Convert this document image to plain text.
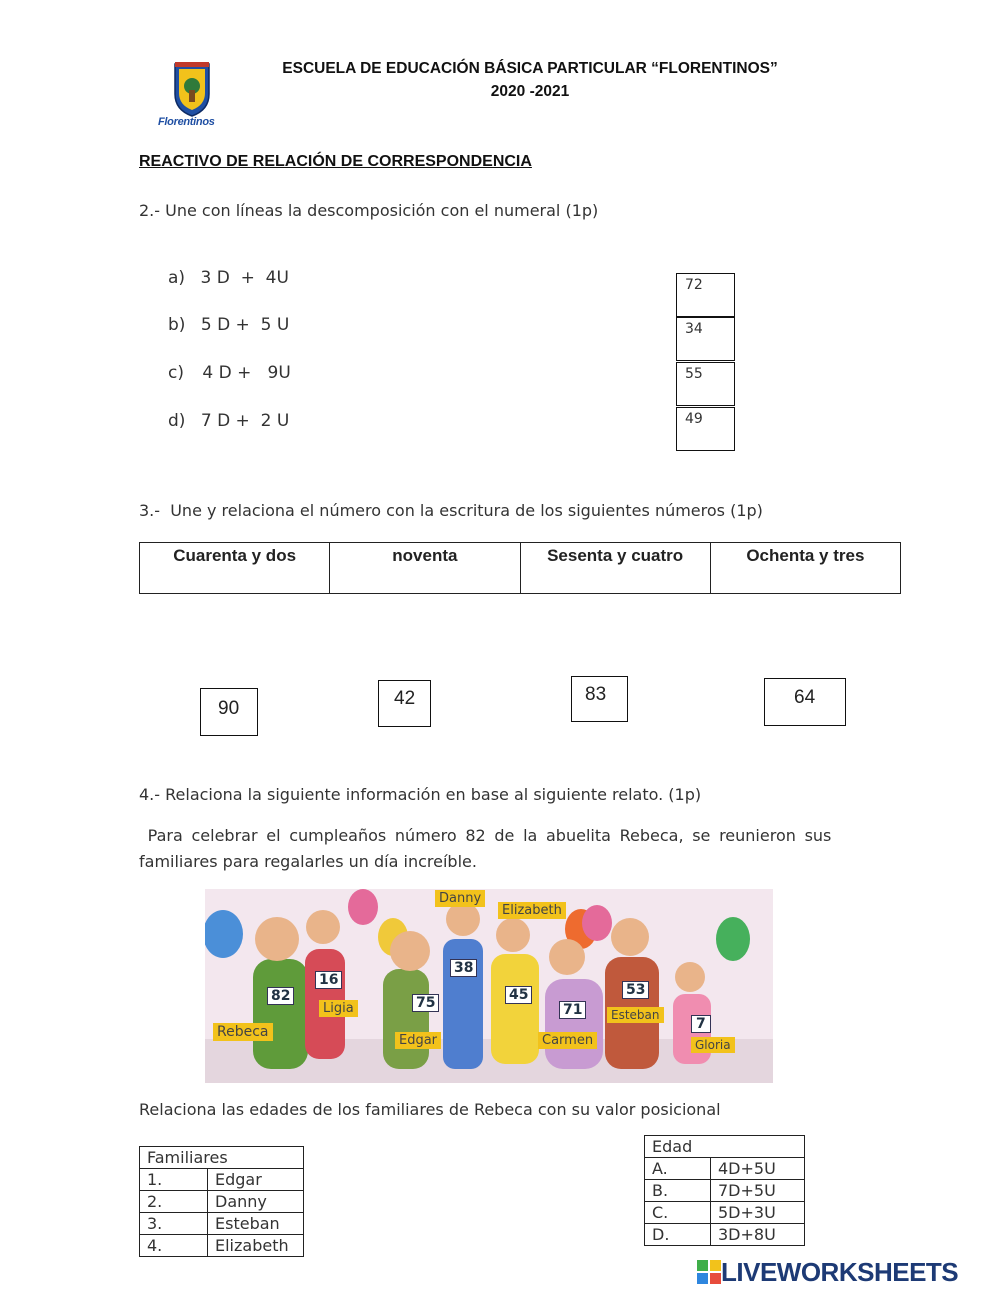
Florentinos
ESCUELA DE EDUCACIÓN BÁSICA PARTICULAR “FLORENTINOS”
2020 -2021
REACTIVO DE RELACIÓN DE CORRESPONDENCIA
2.- Une con líneas la descomposición con el numeral (1p)
a) 3 D  +  4U
b) 5 D +  5 U
c) 4 D +   9U
d) 7 D +  2 U
72
34
55
49
3.-  Une y relaciona el número con la escritura de los siguientes números (1p)
Cuarenta y dos	noventa	Sesenta y cuatro	Ochenta y tres
90	42	83	64
4.- Relaciona la siguiente información en base al siguiente relato. (1p)
Para celebrar el cumpleaños número 82 de la abuelita Rebeca, se reunieron sus
familiares para regalarles un día increíble.
Danny
Elizabeth
Rebeca
Ligia
Edgar	Carmen
Esteban
Gloria
82
16
75
38
45
71
53
7
Relaciona las edades de los familiares de Rebeca con su valor posicional
Familiares	
1.	Edgar
2.	Danny
3.	Esteban
4.	Elizabeth
Edad	
A.	4D+5U
B.	7D+5U
C.	5D+3U
D.	3D+8U
LIVEWORKSHEETS
